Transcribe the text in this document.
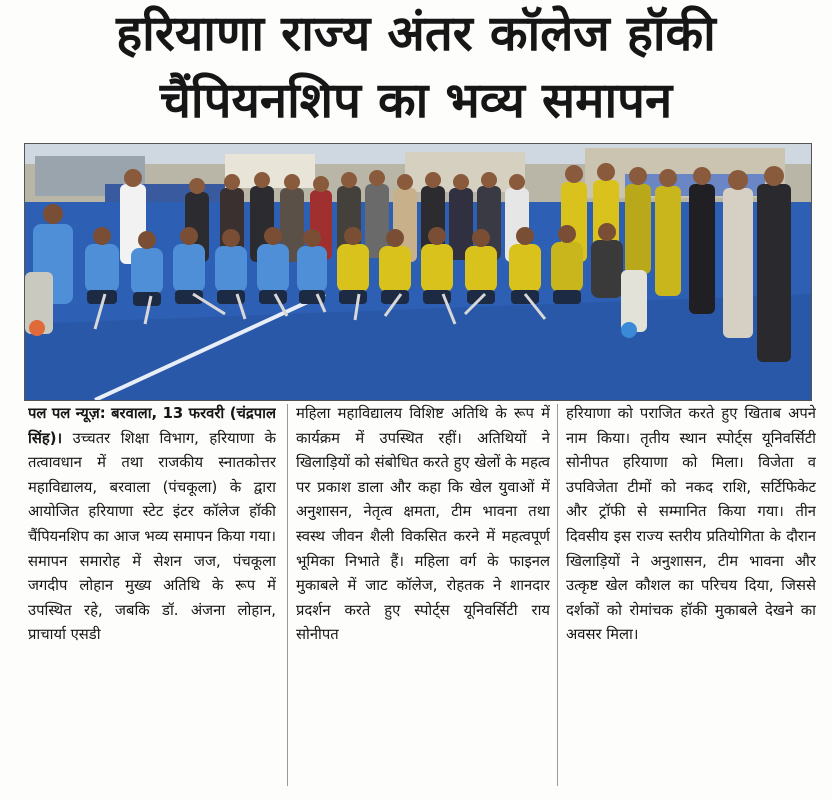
हरियाणा राज्य अंतर कॉलेज हॉकी
चैंपियनशिप का भव्य समापन

पल पल न्यूज़: बरवाला, 13 फरवरी (चंद्रपाल सिंह)। उच्चतर शिक्षा विभाग, हरियाणा के तत्वावधान में तथा राजकीय स्नातकोत्तर महाविद्यालय, बरवाला (पंचकूला) के द्वारा आयोजित हरियाणा स्टेट इंटर कॉलेज हॉकी चैंपियनशिप का आज भव्य समापन किया गया। समापन समारोह में सेशन जज, पंचकूला जगदीप लोहान मुख्य अतिथि के रूप में उपस्थित रहे, जबकि डॉ. अंजना लोहान, प्राचार्या एसडी

महिला महाविद्यालय विशिष्ट अतिथि के रूप में कार्यक्रम में उपस्थित रहीं। अतिथियों ने खिलाड़ियों को संबोधित करते हुए खेलों के महत्व पर प्रकाश डाला और कहा कि खेल युवाओं में अनुशासन, नेतृत्व क्षमता, टीम भावना तथा स्वस्थ जीवन शैली विकसित करने में महत्वपूर्ण भूमिका निभाते हैं। महिला वर्ग के फाइनल मुकाबले में जाट कॉलेज, रोहतक ने शानदार प्रदर्शन करते हुए स्पोर्ट्स यूनिवर्सिटी राय सोनीपत

हरियाणा को पराजित करते हुए खिताब अपने नाम किया। तृतीय स्थान स्पोर्ट्स यूनिवर्सिटी सोनीपत हरियाणा को मिला। विजेता व उपविजेता टीमों को नकद राशि, सर्टिफिकेट और ट्रॉफी से सम्मानित किया गया। तीन दिवसीय इस राज्य स्तरीय प्रतियोगिता के दौरान खिलाड़ियों ने अनुशासन, टीम भावना और उत्कृष्ट खेल कौशल का परिचय दिया, जिससे दर्शकों को रोमांचक हॉकी मुकाबले देखने का अवसर मिला।
